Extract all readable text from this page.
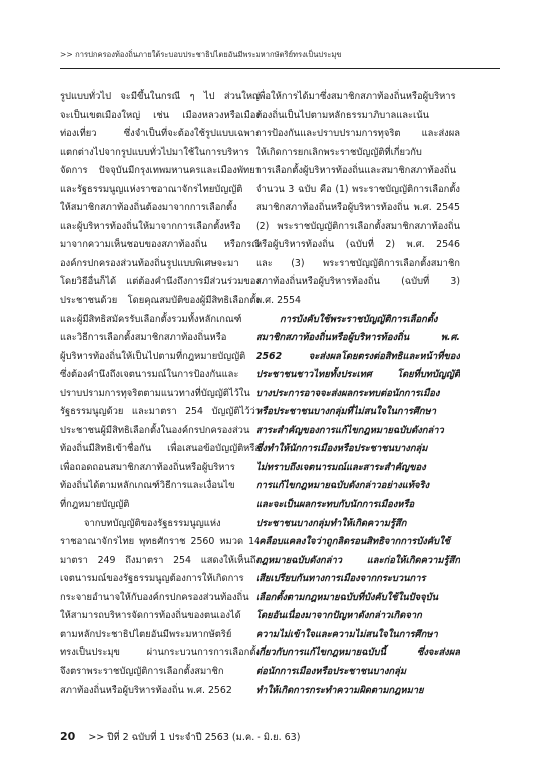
>> การปกครองท้องถิ่นภายใต้ระบอบประชาธิปไตยอันมีพระมหากษัตริย์ทรงเป็นประมุข
รูปแบบทั่วไป จะมีขึ้นในกรณี ๆ ไป ส่วนใหญ่
จะเป็นเขตเมืองใหญ่ เช่น เมืองหลวงหรือเมือง
ท่องเที่ยว ซึ่งจำเป็นที่จะต้องใช้รูปแบบเฉพาะ
แตกต่างไปจากรูปแบบทั่วไปมาใช้ในการบริหาร
จัดการ ปัจจุบันมีกรุงเทพมหานครและเมืองพัทยา
และรัฐธรรมนูญแห่งราชอาณาจักรไทยบัญญัติ
ให้สมาชิกสภาท้องถิ่นต้องมาจากการเลือกตั้ง
และผู้บริหารท้องถิ่นให้มาจากการเลือกตั้งหรือ
มาจากความเห็นชอบของสภาท้องถิ่น หรือกรณี
องค์กรปกครองส่วนท้องถิ่นรูปแบบพิเศษจะมา
โดยวิธีอื่นก็ได้ แต่ต้องคำนึงถึงการมีส่วนร่วมของ
ประชาชนด้วย โดยคุณสมบัติของผู้มีสิทธิเลือกตั้ง
และผู้มีสิทธิสมัครรับเลือกตั้งรวมทั้งหลักเกณฑ์
และวิธีการเลือกตั้งสมาชิกสภาท้องถิ่นหรือ
ผู้บริหารท้องถิ่นให้เป็นไปตามที่กฎหมายบัญญัติ
ซึ่งต้องคำนึงถึงเจตนารมณ์ในการป้องกันและ
ปราบปรามการทุจริตตามแนวทางที่บัญญัติไว้ใน
รัฐธรรมนูญด้วย และมาตรา 254 บัญญัติไว้ว่า
ประชาชนผู้มีสิทธิเลือกตั้งในองค์กรปกครองส่วน
ท้องถิ่นมีสิทธิเข้าชื่อกัน เพื่อเสนอข้อบัญญัติหรือ
เพื่อถอดถอนสมาชิกสภาท้องถิ่นหรือผู้บริหาร
ท้องถิ่นได้ตามหลักเกณฑ์วิธีการและเงื่อนไข
ที่กฎหมายบัญญัติ
จากบทบัญญัติของรัฐธรรมนูญแห่ง
ราชอาณาจักรไทย พุทธศักราช 2560 หมวด 14
มาตรา 249 ถึงมาตรา 254 แสดงให้เห็นถึง
เจตนารมณ์ของรัฐธรรมนูญต้องการให้เกิดการ
กระจายอำนาจให้กับองค์กรปกครองส่วนท้องถิ่น
ให้สามารถบริหารจัดการท้องถิ่นของตนเองได้
ตามหลักประชาธิปไตยอันมีพระมหากษัตริย์
ทรงเป็นประมุข ผ่านกระบวนการการเลือกตั้ง
จึงตราพระราชบัญญัติการเลือกตั้งสมาชิก
สภาท้องถิ่นหรือผู้บริหารท้องถิ่น พ.ศ. 2562
เพื่อให้การได้มาซึ่งสมาชิกสภาท้องถิ่นหรือผู้บริหาร
ท้องถิ่นเป็นไปตามหลักธรรมาภิบาลและเน้น
การป้องกันและปราบปรามการทุจริต และส่งผล
ให้เกิดการยกเลิกพระราชบัญญัติที่เกี่ยวกับ
การเลือกตั้งผู้บริหารท้องถิ่นและสมาชิกสภาท้องถิ่น
จำนวน 3 ฉบับ คือ (1) พระราชบัญญัติการเลือกตั้ง
สมาชิกสภาท้องถิ่นหรือผู้บริหารท้องถิ่น พ.ศ. 2545
(2) พระราชบัญญัติการเลือกตั้งสมาชิกสภาท้องถิ่น
หรือผู้บริหารท้องถิ่น (ฉบับที่ 2) พ.ศ. 2546
และ (3) พระราชบัญญัติการเลือกตั้งสมาชิก
สภาท้องถิ่นหรือผู้บริหารท้องถิ่น (ฉบับที่ 3)
พ.ศ. 2554
การบังคับใช้พระราชบัญญัติการเลือกตั้ง
สมาชิกสภาท้องถิ่นหรือผู้บริหารท้องถิ่น พ.ศ.
2562 จะส่งผลโดยตรงต่อสิทธิและหน้าที่ของ
ประชาชนชาวไทยทั้งประเทศ โดยที่บทบัญญัติ
บางประการอาจจะส่งผลกระทบต่อนักการเมือง
หรือประชาชนบางกลุ่มที่ไม่สนใจในการศึกษา
สาระสำคัญของการแก้ไขกฎหมายฉบับดังกล่าว
ซึ่งทำให้นักการเมืองหรือประชาชนบางกลุ่ม
ไม่ทราบถึงเจตนารมณ์และสาระสำคัญของ
การแก้ไขกฎหมายฉบับดังกล่าวอย่างแท้จริง
และจะเป็นผลกระทบกับนักการเมืองหรือ
ประชาชนบางกลุ่มทำให้เกิดความรู้สึก
เคลือบแคลงใจว่าถูกลิดรอนสิทธิจากการบังคับใช้
กฎหมายฉบับดังกล่าว และก่อให้เกิดความรู้สึก
เสียเปรียบกันทางการเมืองจากกระบวนการ
เลือกตั้งตามกฎหมายฉบับที่บังคับใช้ในปัจจุบัน
โดยอันเนื่องมาจากปัญหาดังกล่าวเกิดจาก
ความไม่เข้าใจและความไม่สนใจในการศึกษา
เกี่ยวกับการแก้ไขกฎหมายฉบับนี้ ซึ่งจะส่งผล
ต่อนักการเมืองหรือประชาชนบางกลุ่ม
ทำให้เกิดการกระทำความผิดตามกฎหมาย
20 >> ปีที่ 2 ฉบับที่ 1 ประจำปี 2563 (ม.ค. - มิ.ย. 63)
